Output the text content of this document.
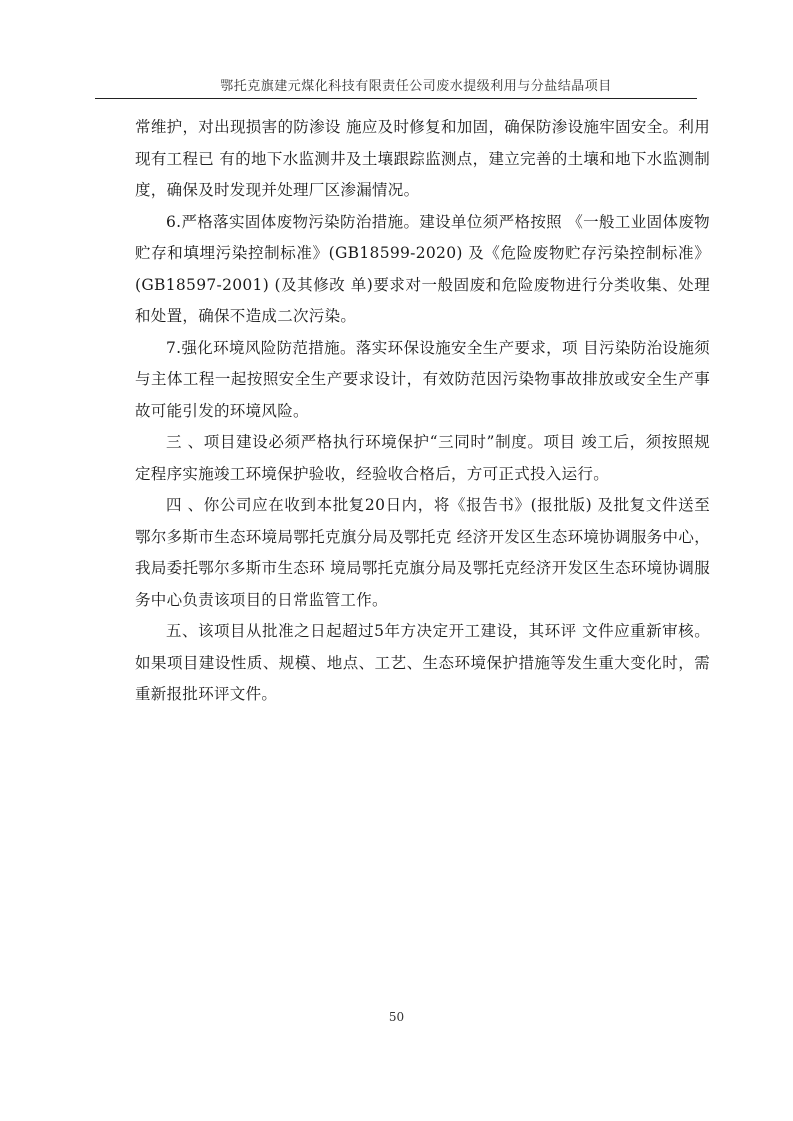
鄂托克旗建元煤化科技有限责任公司废水提级利用与分盐结晶项目

常维护，对出现损害的防渗设 施应及时修复和加固，确保防渗设施牢固安全。利用现有工程已 有的地下水监测井及土壤跟踪监测点，建立完善的土壤和地下水监测制度，确保及时发现并处理厂区渗漏情况。

6.严格落实固体废物污染防治措施。建设单位须严格按照 《一般工业固体废物贮存和填埋污染控制标准》(GB18599-2020) 及《危险废物贮存污染控制标准》(GB18597-2001) (及其修改 单)要求对一般固废和危险废物进行分类收集、处理和处置，确保不造成二次污染。

7.强化环境风险防范措施。落实环保设施安全生产要求，项 目污染防治设施须与主体工程一起按照安全生产要求设计，有效防范因污染物事故排放或安全生产事故可能引发的环境风险。

三 、项目建设必须严格执行环境保护“三同时”制度。项目 竣工后，须按照规定程序实施竣工环境保护验收，经验收合格后，方可正式投入运行。

四 、你公司应在收到本批复20日内，将《报告书》(报批版) 及批复文件送至鄂尔多斯市生态环境局鄂托克旗分局及鄂托克 经济开发区生态环境协调服务中心，我局委托鄂尔多斯市生态环 境局鄂托克旗分局及鄂托克经济开发区生态环境协调服务中心负责该项目的日常监管工作。

五、该项目从批准之日起超过5年方决定开工建设，其环评 文件应重新审核。如果项目建设性质、规模、地点、工艺、生态环境保护措施等发生重大变化时，需重新报批环评文件。

50
